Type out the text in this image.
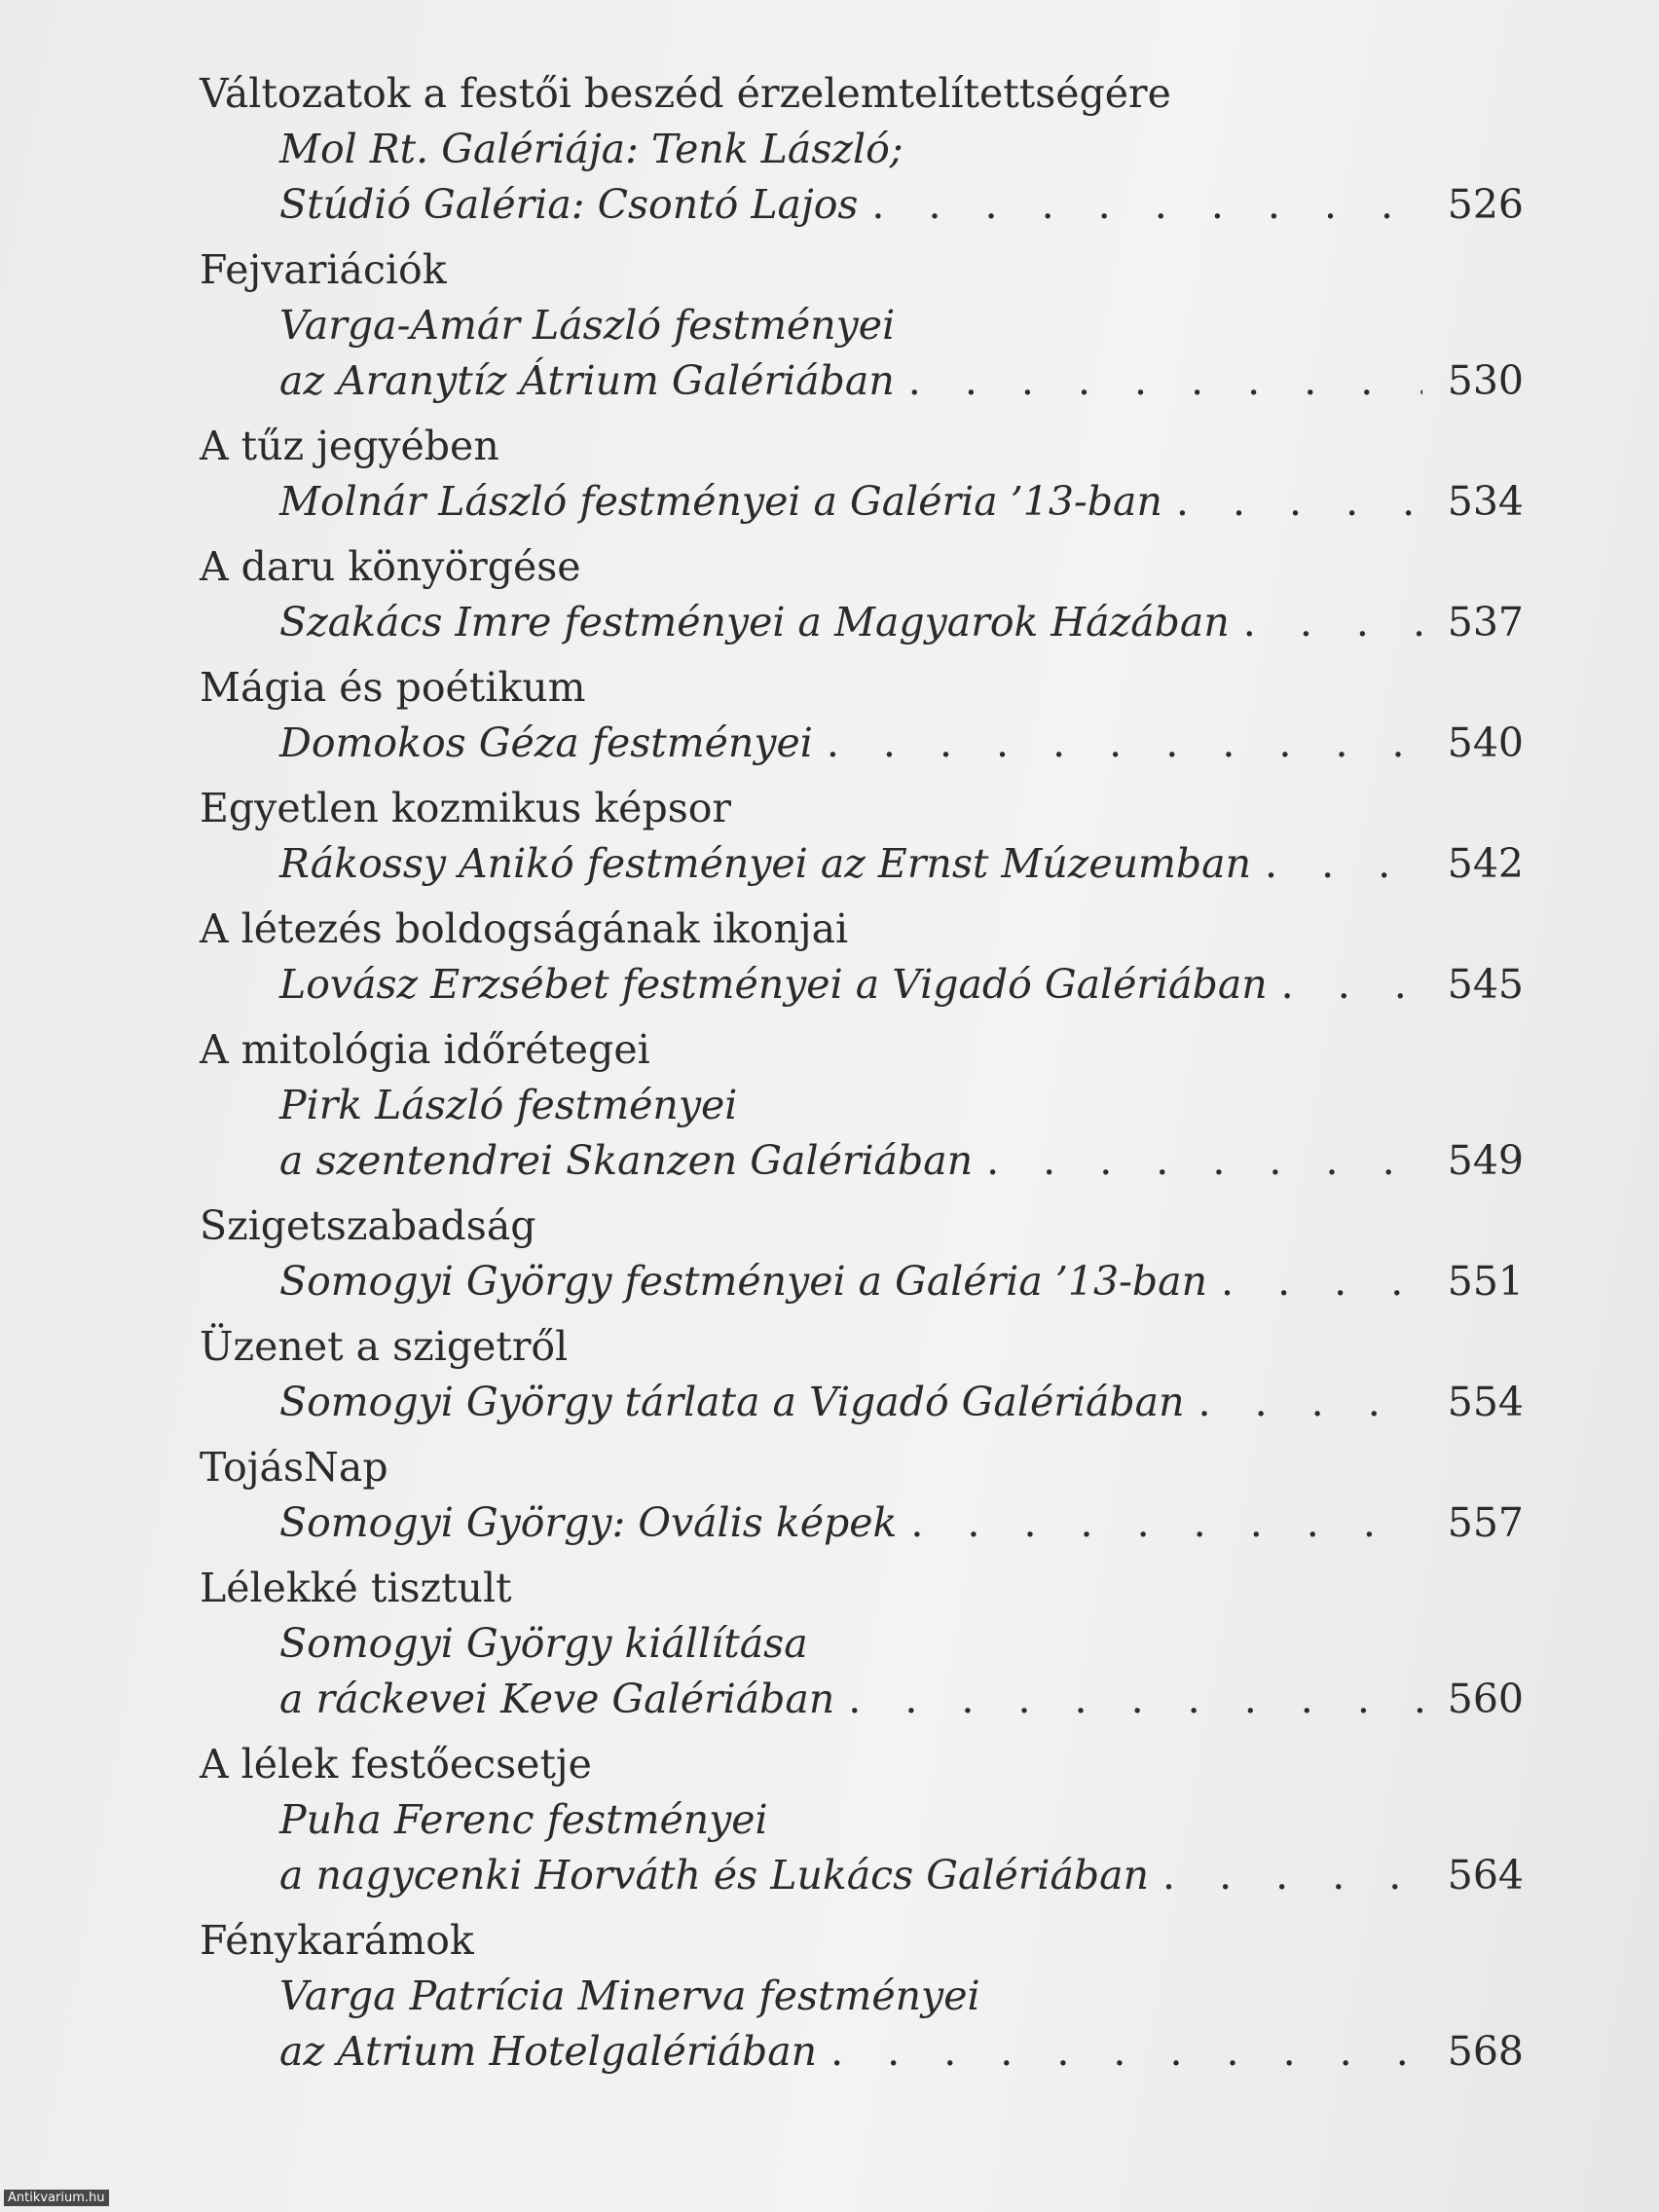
Változatok a festői beszéd érzelemtelítettségére
Mol Rt. Galériája: Tenk László;
Stúdió Galéria: Csontó Lajos . . .	526
Fejvariációk
Varga-Amár László festményei
az Aranytíz Átrium Galériában . . .	530
A tűz jegyében
Molnár László festményei a Galéria ’13-ban . . .	534
A daru könyörgése
Szakács Imre festményei a Magyarok Házában . . .	537
Mágia és poétikum
Domokos Géza festményei . . .	540
Egyetlen kozmikus képsor
Rákossy Anikó festményei az Ernst Múzeumban . . .	542
A létezés boldogságának ikonjai
Lovász Erzsébet festményei a Vigadó Galériában . . .	545
A mitológia időrétegei
Pirk László festményei
a szentendrei Skanzen Galériában . . .	549
Szigetszabadság
Somogyi György festményei a Galéria ’13-ban . . .	551
Üzenet a szigetről
Somogyi György tárlata a Vigadó Galériában . . .	554
TojásNap
Somogyi György: Ovális képek . . .	557
Lélekké tisztult
Somogyi György kiállítása
a ráckevei Keve Galériában . . .	560
A lélek festőecsetje
Puha Ferenc festményei
a nagycenki Horváth és Lukács Galériában . . .	564
Fénykarámok
Varga Patrícia Minerva festményei
az Atrium Hotelgalériában . . .	568
Antikvarium.hu
